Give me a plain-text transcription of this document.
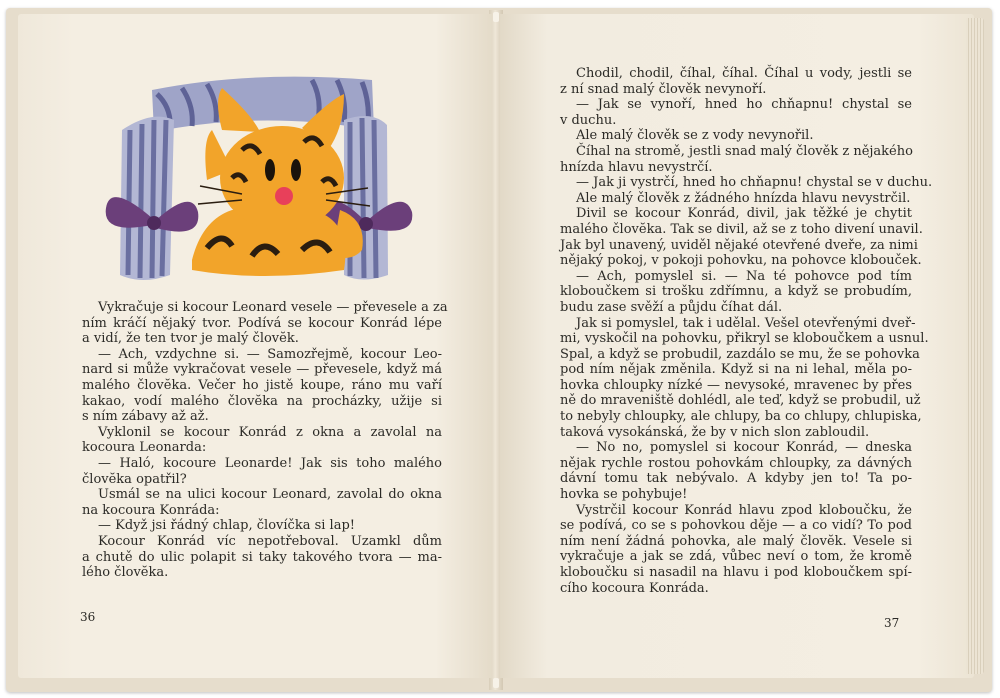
Vykračuje si kocour Leonard vesele — převesele a za
ním kráčí nějaký tvor. Podívá se kocour Konrád lépe
a vidí, že ten tvor je malý človĕk.

— Ach, vzdychne si. — Samozřejmě, kocour Leo-
nard si může vykračovat vesele — převesele, když má
malého človĕka. Večer ho jistě koupe, ráno mu vaří
kakao, vodí malého človĕka na procházky, užije si
s ním zábavy až až.

Vyklonil se kocour Konrád z okna a zavolal na
kocoura Leonarda:

— Haló, kocoure Leonarde! Jak sis toho malého
človĕka opatřil?

Usmál se na ulici kocour Leonard, zavolal do okna
na kocoura Konráda:

— Když jsi řádný chlap, človíčka si lap!

Kocour Konrád víc nepotřeboval. Uzamkl dům
a chutě do ulic polapit si taky takového tvora — ma-
lého človĕka.

36

Chodil, chodil, číhal, číhal. Číhal u vody, jestli se
z ní snad malý člověk nevynoří.

— Jak se vynoří, hned ho chňapnu! chystal se
v duchu.

Ale malý člověk se z vody nevynořil.

Číhal na stromě, jestli snad malý člověk z nějakého
hnízda hlavu nevystrčí.

— Jak ji vystrčí, hned ho chňapnu! chystal se v duchu.

Ale malý člověk z žádného hnízda hlavu nevystrčil.

Divil se kocour Konrád, divil, jak těžké je chytit
malého človĕka. Tak se divil, až se z toho divení unavil.
Jak byl unavený, uviděl nějaké otevřené dveře, za nimi
nějaký pokoj, v pokoji pohovku, na pohovce klobouček.

— Ach, pomyslel si. — Na té pohovce pod tím
kloboučkem si trošku zdřímnu, a když se probudím,
budu zase svěží a půjdu číhat dál.

Jak si pomyslel, tak i udělal. Vešel otevřenými dveř-
mi, vyskočil na pohovku, přikryl se kloboučkem a usnul.
Spal, a když se probudil, zazdálo se mu, že se pohovka
pod ním nějak změnila. Když si na ni lehal, měla po-
hovka chloupky nízké — nevysoké, mravenec by přes
ně do mraveniště dohlédl, ale teď, když se probudil, už
to nebyly chloupky, ale chlupy, ba co chlupy, chlupiska,
taková vysokánská, že by v nich slon zabloudil.

— No no, pomyslel si kocour Konrád, — dneska
nějak rychle rostou pohovkám chloupky, za dávných
dávní tomu tak nebývalo. A kdyby jen to! Ta po-
hovka se pohybuje!

Vystrčil kocour Konrád hlavu zpod kloboučku, že
se podívá, co se s pohovkou děje — a co vidí? To pod
ním není žádná pohovka, ale malý človĕk. Vesele si
vykračuje a jak se zdá, vůbec neví o tom, že kromě
kloboučku si nasadil na hlavu i pod kloboučkem spí-
cího kocoura Konráda.

37
